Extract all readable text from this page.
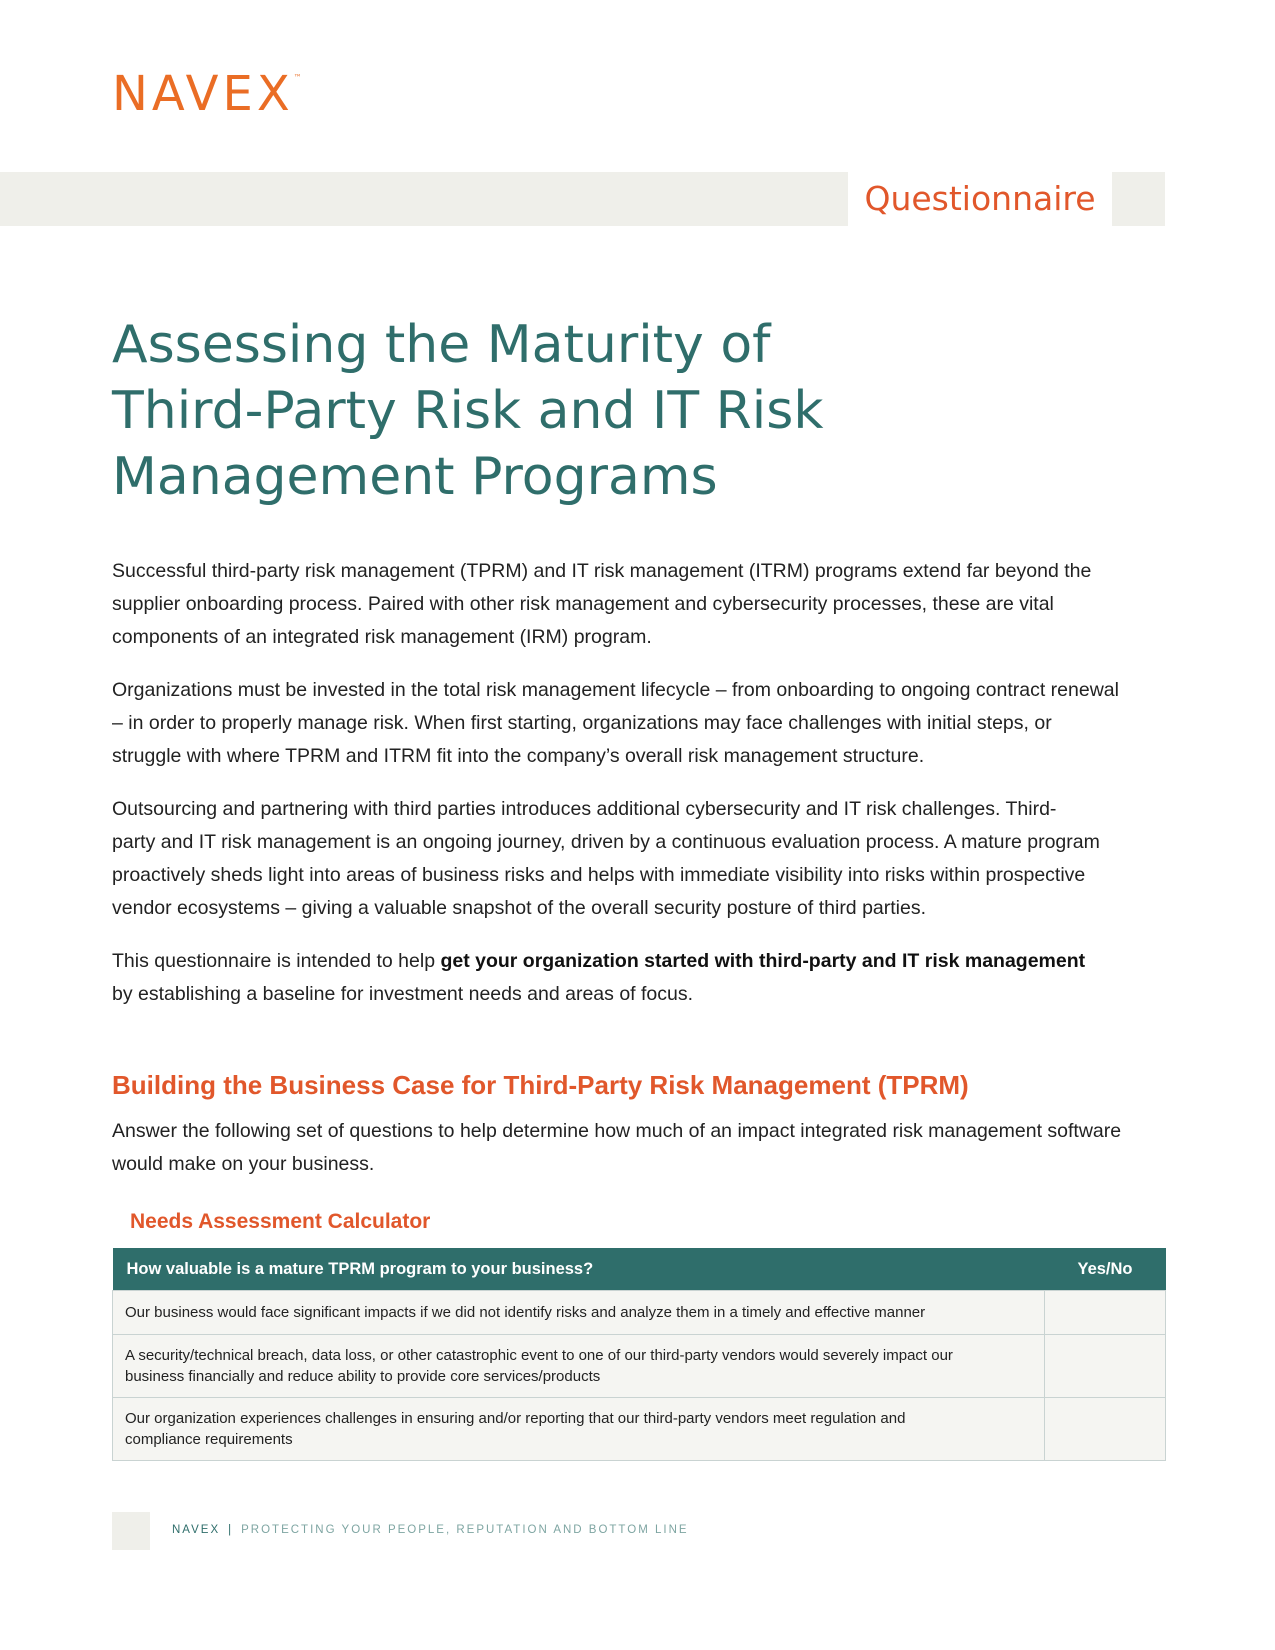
NAVEX™
Questionnaire
Assessing the Maturity of
Third-Party Risk and IT Risk
Management Programs

Successful third-party risk management (TPRM) and IT risk management (ITRM) programs extend far beyond the
supplier onboarding process. Paired with other risk management and cybersecurity processes, these are vital
components of an integrated risk management (IRM) program.

Organizations must be invested in the total risk management lifecycle – from onboarding to ongoing contract renewal
– in order to properly manage risk. When first starting, organizations may face challenges with initial steps, or
struggle with where TPRM and ITRM fit into the company’s overall risk management structure.

Outsourcing and partnering with third parties introduces additional cybersecurity and IT risk challenges. Third-
party and IT risk management is an ongoing journey, driven by a continuous evaluation process. A mature program
proactively sheds light into areas of business risks and helps with immediate visibility into risks within prospective
vendor ecosystems – giving a valuable snapshot of the overall security posture of third parties.

This questionnaire is intended to help get your organization started with third-party and IT risk management
by establishing a baseline for investment needs and areas of focus.

Building the Business Case for Third-Party Risk Management (TPRM)

Answer the following set of questions to help determine how much of an impact integrated risk management software
would make on your business.

Needs Assessment Calculator
How valuable is a mature TPRM program to your business?	Yes/No

Our business would face significant impacts if we did not identify risks and analyze them in a timely and effective manner	

A security/technical breach, data loss, or other catastrophic event to one of our third-party vendors would severely impact our
business financially and reduce ability to provide core services/products	

Our organization experiences challenges in ensuring and/or reporting that our third-party vendors meet regulation and
compliance requirements	

NAVEX | PROTECTING YOUR PEOPLE, REPUTATION AND BOTTOM LINE
